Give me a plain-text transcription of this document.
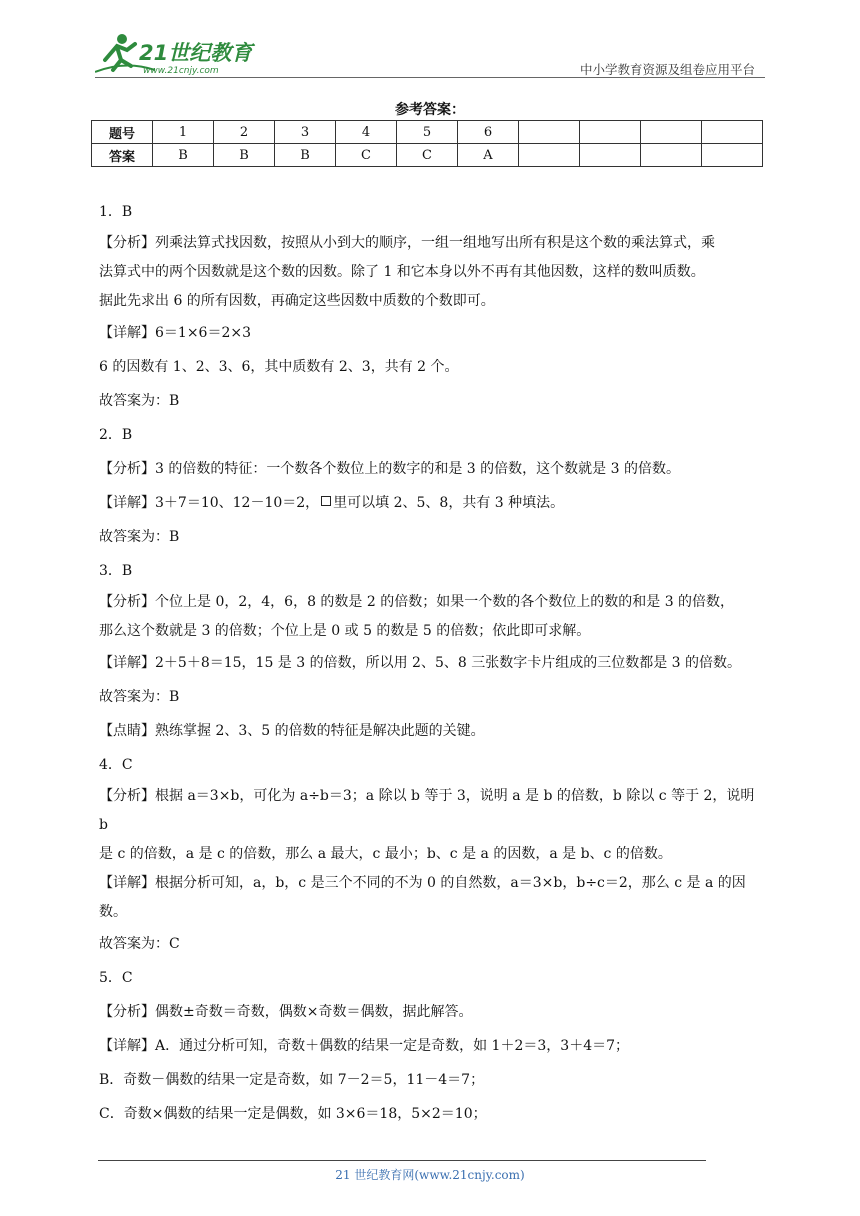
21世纪教育
www.21cnjy.com	中小学教育资源及组卷应用平台
参考答案：
题号	1	2	3	4	5	6				
答案	B	B	B	C	C	A				

1．B

【分析】列乘法算式找因数，按照从小到大的顺序，一组一组地写出所有积是这个数的乘法算式，乘

法算式中的两个因数就是这个数的因数。除了 1 和它本身以外不再有其他因数，这样的数叫质数。

据此先求出 6 的所有因数，再确定这些因数中质数的个数即可。

【详解】6＝1×6＝2×3

6 的因数有 1、2、3、6，其中质数有 2、3，共有 2 个。

故答案为：B

2．B

【分析】3 的倍数的特征：一个数各个数位上的数字的和是 3 的倍数，这个数就是 3 的倍数。

【详解】3＋7＝10、12－10＝2， 里可以填 2、5、8，共有 3 种填法。

故答案为：B

3．B

【分析】个位上是 0，2，4，6，8 的数是 2 的倍数；如果一个数的各个数位上的数的和是 3 的倍数，

那么这个数就是 3 的倍数；个位上是 0 或 5 的数是 5 的倍数；依此即可求解。

【详解】2＋5＋8＝15，15 是 3 的倍数，所以用 2、5、8 三张数字卡片组成的三位数都是 3 的倍数。

故答案为：B

【点睛】熟练掌握 2、3、5 的倍数的特征是解决此题的关键。

4．C

【分析】根据 a＝3×b，可化为 a÷b＝3；a 除以 b 等于 3，说明 a 是 b 的倍数，b 除以 c 等于 2，说明 b

是 c 的倍数，a 是 c 的倍数，那么 a 最大，c 最小；b、c 是 a 的因数，a 是 b、c 的倍数。

【详解】根据分析可知，a，b，c 是三个不同的不为 0 的自然数，a＝3×b，b÷c＝2，那么 c 是 a 的因

数。

故答案为：C

5．C

【分析】偶数±奇数＝奇数，偶数×奇数＝偶数，据此解答。

【详解】A．通过分析可知，奇数＋偶数的结果一定是奇数，如 1＋2＝3，3＋4＝7；

B．奇数－偶数的结果一定是奇数，如 7－2＝5，11－4＝7；

C．奇数×偶数的结果一定是偶数，如 3×6＝18，5×2＝10；

21 世纪教育网(www.21cnjy.com)
